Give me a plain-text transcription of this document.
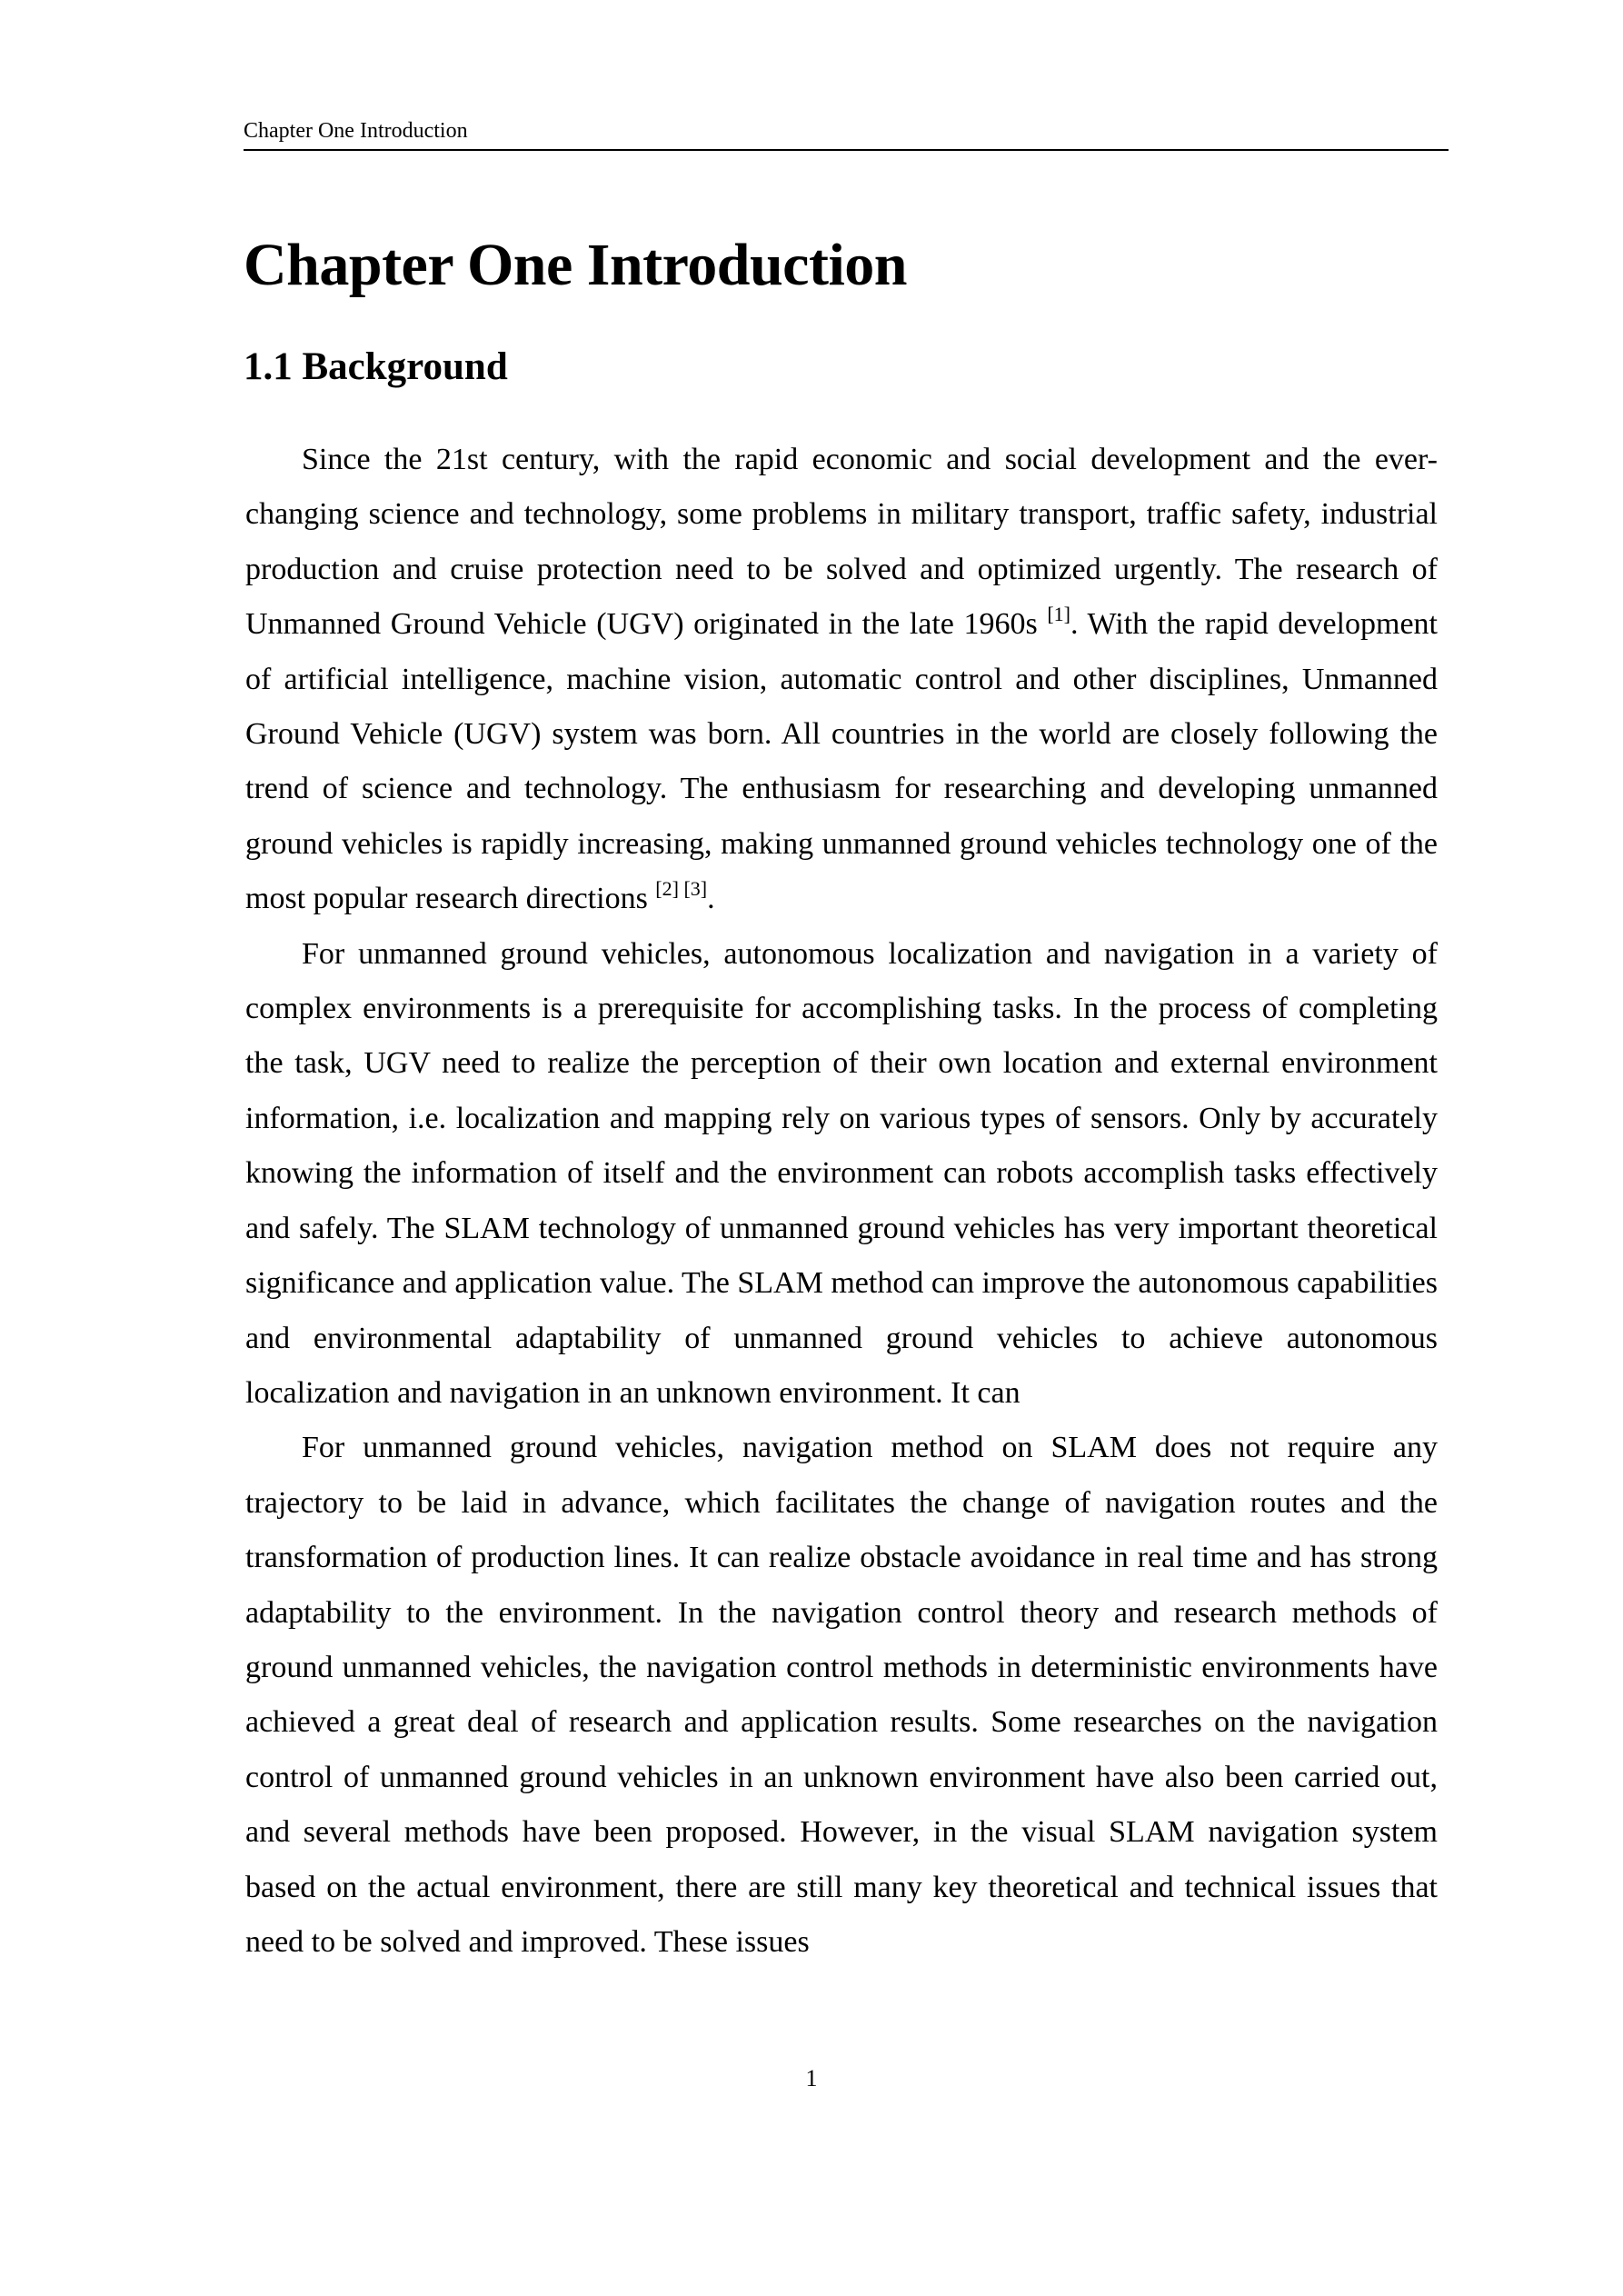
Chapter One Introduction
Chapter One Introduction
1.1 Background

Since the 21st century, with the rapid economic and social development and the ever-changing science and technology, some problems in military transport, traffic safety, industrial production and cruise protection need to be solved and optimized urgently. The research of Unmanned Ground Vehicle (UGV) originated in the late 1960s [1]. With the rapid development of artificial intelligence, machine vision, automatic control and other disciplines, Unmanned Ground Vehicle (UGV) system was born. All countries in the world are closely following the trend of science and technology. The enthusiasm for researching and developing unmanned ground vehicles is rapidly increasing, making unmanned ground vehicles technology one of the most popular research directions [2] [3].

For unmanned ground vehicles, autonomous localization and navigation in a variety of complex environments is a prerequisite for accomplishing tasks. In the process of completing the task, UGV need to realize the perception of their own location and external environment information, i.e. localization and mapping rely on various types of sensors. Only by accurately knowing the information of itself and the environment can robots accomplish tasks effectively and safely. The SLAM technology of unmanned ground vehicles has very important theoretical significance and application value. The SLAM method can improve the autonomous capabilities and environmental adaptability of unmanned ground vehicles to achieve autonomous localization and navigation in an unknown environment. It can

For unmanned ground vehicles, navigation method on SLAM does not require any trajectory to be laid in advance, which facilitates the change of navigation routes and the transformation of production lines. It can realize obstacle avoidance in real time and has strong adaptability to the environment. In the navigation control theory and research methods of ground unmanned vehicles, the navigation control methods in deterministic environments have achieved a great deal of research and application results. Some researches on the navigation control of unmanned ground vehicles in an unknown environment have also been carried out, and several methods have been proposed. However, in the visual SLAM navigation system based on the actual environment, there are still many key theoretical and technical issues that need to be solved and improved. These issues

1
